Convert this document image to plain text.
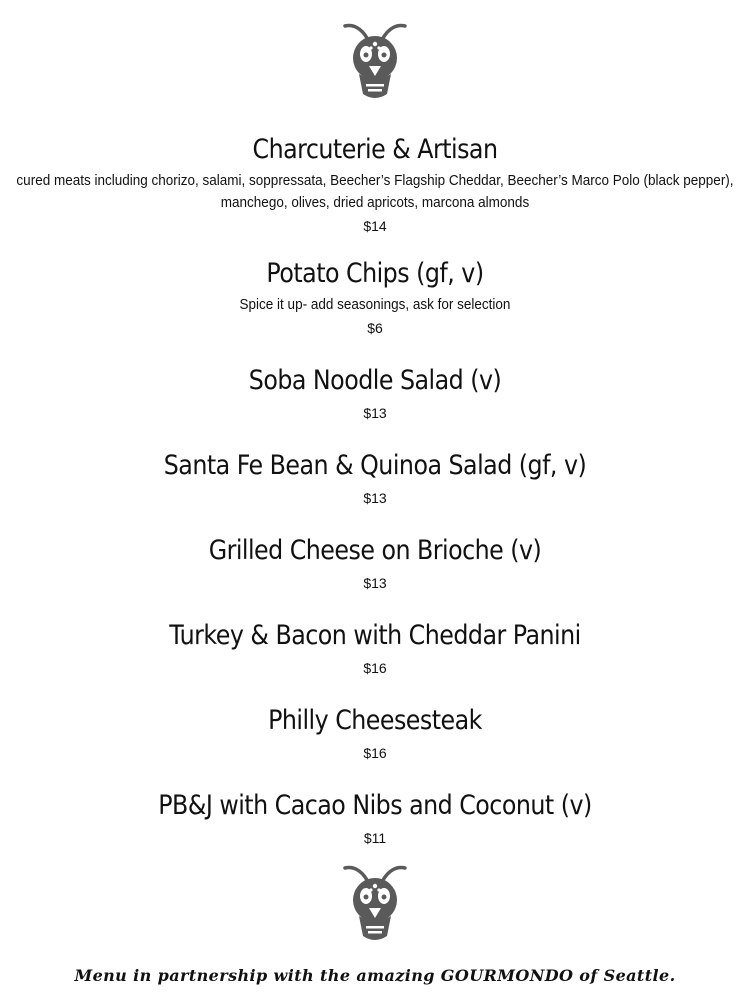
Charcuterie & Artisan

cured meats including chorizo, salami, soppressata, Beecher’s Flagship Cheddar, Beecher’s Marco Polo (black pepper), manchego, olives, dried apricots, marcona almonds

$14

Potato Chips (gf, v)

Spice it up- add seasonings, ask for selection

$6

Soba Noodle Salad (v)

$13

Santa Fe Bean & Quinoa Salad (gf, v)

$13

Grilled Cheese on Brioche (v)

$13

Turkey & Bacon with Cheddar Panini

$16

Philly Cheesesteak

$16

PB&J with Cacao Nibs and Coconut (v)

$11

Menu in partnership with the amazing GOURMONDO of Seattle.
